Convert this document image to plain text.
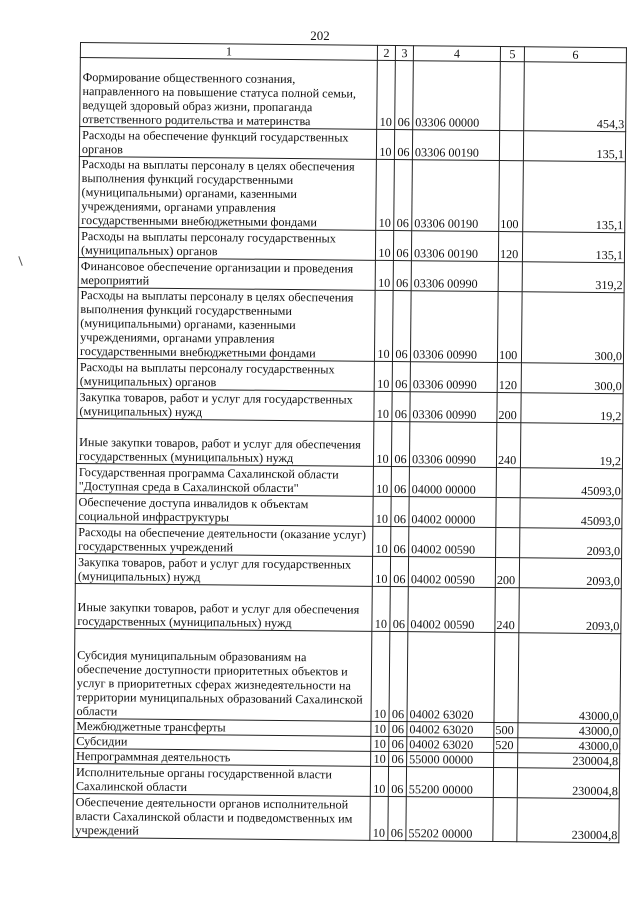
202
1	2	3	4	5	6
Формирование общественного сознания, направленного на повышение статуса полной семьи, ведущей здоровый образ жизни, пропаганда ответственного родительства и материнства	10	06	03306 00000		454,3
Расходы на обеспечение функций государственных органов	10	06	03306 00190		135,1
Расходы на выплаты персоналу в целях обеспечения выполнения функций государственными (муниципальными) органами, казенными учреждениями, органами управления государственными внебюджетными фондами	10	06	03306 00190	100	135,1
Расходы на выплаты персоналу государственных (муниципальных) органов	10	06	03306 00190	120	135,1
Финансовое обеспечение организации и проведения мероприятий	10	06	03306 00990		319,2
Расходы на выплаты персоналу в целях обеспечения выполнения функций государственными (муниципальными) органами, казенными учреждениями, органами управления государственными внебюджетными фондами	10	06	03306 00990	100	300,0
Расходы на выплаты персоналу государственных (муниципальных) органов	10	06	03306 00990	120	300,0
Закупка товаров, работ и услуг для государственных (муниципальных) нужд	10	06	03306 00990	200	19,2
Иные закупки товаров, работ и услуг для обеспечения государственных (муниципальных) нужд	10	06	03306 00990	240	19,2
Государственная программа Сахалинской области "Доступная среда в Сахалинской области"	10	06	04000 00000		45093,0
Обеспечение доступа инвалидов к объектам социальной инфраструктуры	10	06	04002 00000		45093,0
Расходы на обеспечение деятельности (оказание услуг) государственных учреждений	10	06	04002 00590		2093,0
Закупка товаров, работ и услуг для государственных (муниципальных) нужд	10	06	04002 00590	200	2093,0
Иные закупки товаров, работ и услуг для обеспечения государственных (муниципальных) нужд	10	06	04002 00590	240	2093,0
Субсидия муниципальным образованиям на обеспечение доступности приоритетных объектов и услуг в приоритетных сферах жизнедеятельности на территории муниципальных образований Сахалинской области	10	06	04002 63020		43000,0
Межбюджетные трансферты	10	06	04002 63020	500	43000,0
Субсидии	10	06	04002 63020	520	43000,0
Непрограммная деятельность	10	06	55000 00000		230004,8
Исполнительные органы государственной власти Сахалинской области	10	06	55200 00000		230004,8
Обеспечение деятельности органов исполнительной власти Сахалинской области и подведомственных им учреждений	10	06	55202 00000		230004,8
